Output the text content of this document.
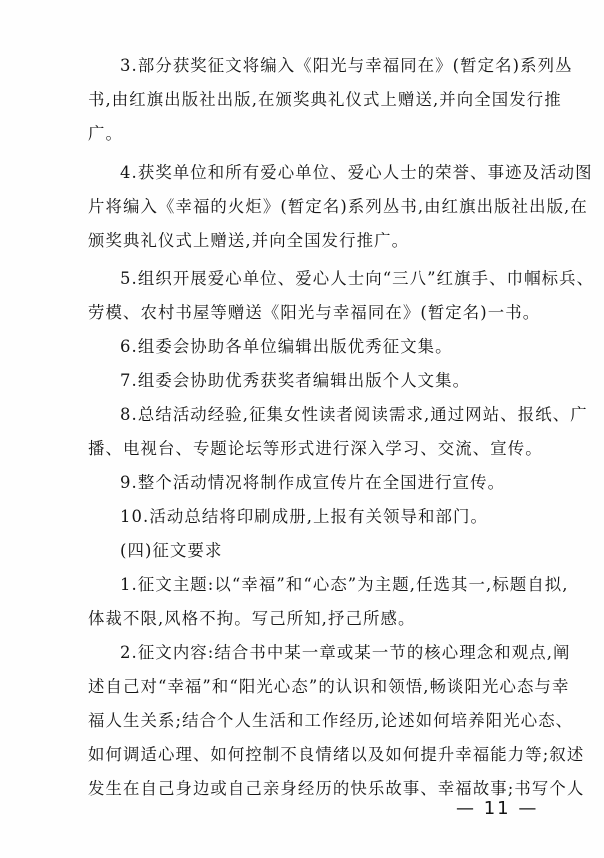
3.部分获奖征文将编入《阳光与幸福同在》(暂定名)系列丛
书,由红旗出版社出版,在颁奖典礼仪式上赠送,并向全国发行推
广。
4.获奖单位和所有爱心单位、爱心人士的荣誉、事迹及活动图
片将编入《幸福的火炬》(暂定名)系列丛书,由红旗出版社出版,在
颁奖典礼仪式上赠送,并向全国发行推广。
5.组织开展爱心单位、爱心人士向“三八”红旗手、巾帼标兵、
劳模、农村书屋等赠送《阳光与幸福同在》(暂定名)一书。
6.组委会协助各单位编辑出版优秀征文集。
7.组委会协助优秀获奖者编辑出版个人文集。
8.总结活动经验,征集女性读者阅读需求,通过网站、报纸、广
播、电视台、专题论坛等形式进行深入学习、交流、宣传。
9.整个活动情况将制作成宣传片在全国进行宣传。
10.活动总结将印刷成册,上报有关领导和部门。
(四)征文要求
1.征文主题:以“幸福”和“心态”为主题,任选其一,标题自拟,
体裁不限,风格不拘。写己所知,抒己所感。
2.征文内容:结合书中某一章或某一节的核心理念和观点,阐
述自己对“幸福”和“阳光心态”的认识和领悟,畅谈阳光心态与幸
福人生关系;结合个人生活和工作经历,论述如何培养阳光心态、
如何调适心理、如何控制不良情绪以及如何提升幸福能力等;叙述
发生在自己身边或自己亲身经历的快乐故事、幸福故事;书写个人
— 11 —
